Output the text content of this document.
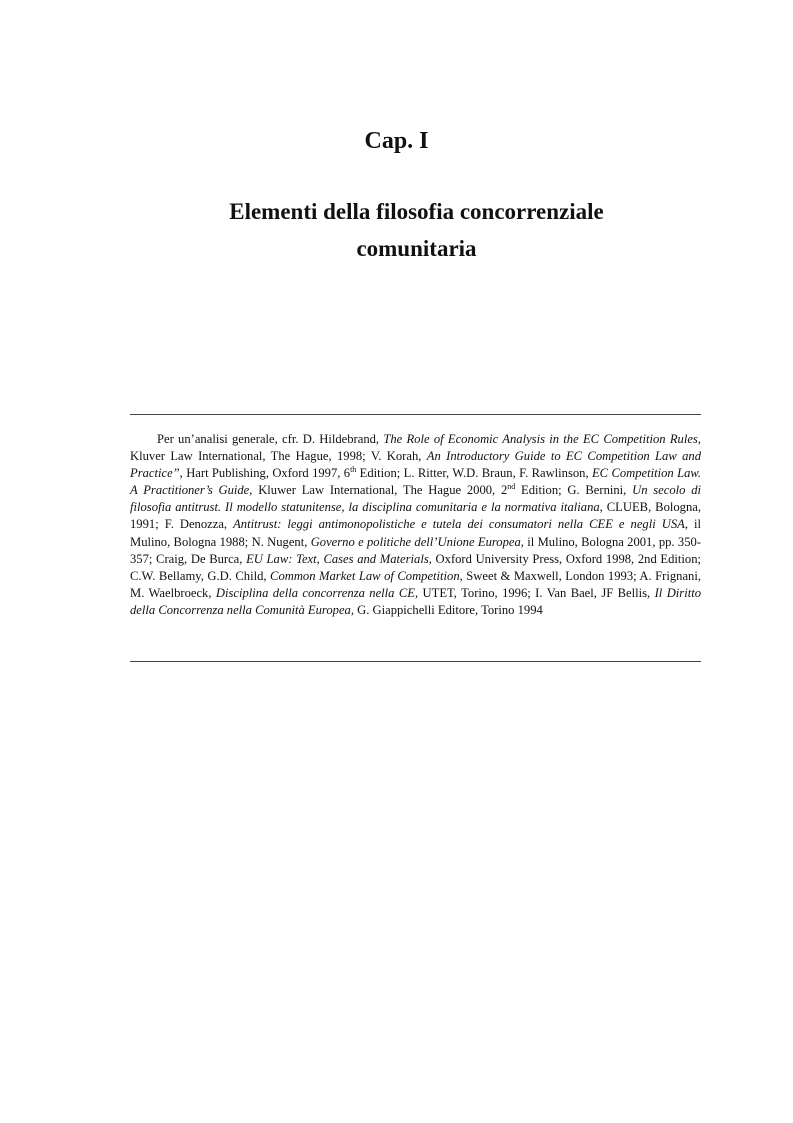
Cap. I
Elementi della filosofia concorrenziale
comunitaria

Per un’analisi generale, cfr. D. Hildebrand, The Role of Economic Analysis in the EC Competition Rules, Kluver Law International, The Hague, 1998; V. Korah, An Introductory Guide to EC Competition Law and Practice”, Hart Publishing, Oxford 1997, 6th Edition; L. Ritter, W.D. Braun, F. Rawlinson, EC Competition Law. A Practitioner’s Guide, Kluwer Law International, The Hague 2000, 2nd Edition; G. Bernini, Un secolo di filosofia antitrust. Il modello statunitense, la disciplina comunitaria e la normativa italiana, CLUEB, Bologna, 1991; F. Denozza, Antitrust: leggi antimonopolistiche e tutela dei consumatori nella CEE e negli USA, il Mulino, Bologna 1988; N. Nugent, Governo e politiche dell’Unione Europea, il Mulino, Bologna 2001, pp. 350-357; Craig, De Burca, EU Law: Text, Cases and Materials, Oxford University Press, Oxford 1998, 2nd Edition; C.W. Bellamy, G.D. Child, Common Market Law of Competition, Sweet & Maxwell, London 1993; A. Frignani, M. Waelbroeck, Disciplina della concorrenza nella CE, UTET, Torino, 1996; I. Van Bael, JF Bellis, Il Diritto della Concorrenza nella Comunità Europea, G. Giappichelli Editore, Torino 1994
